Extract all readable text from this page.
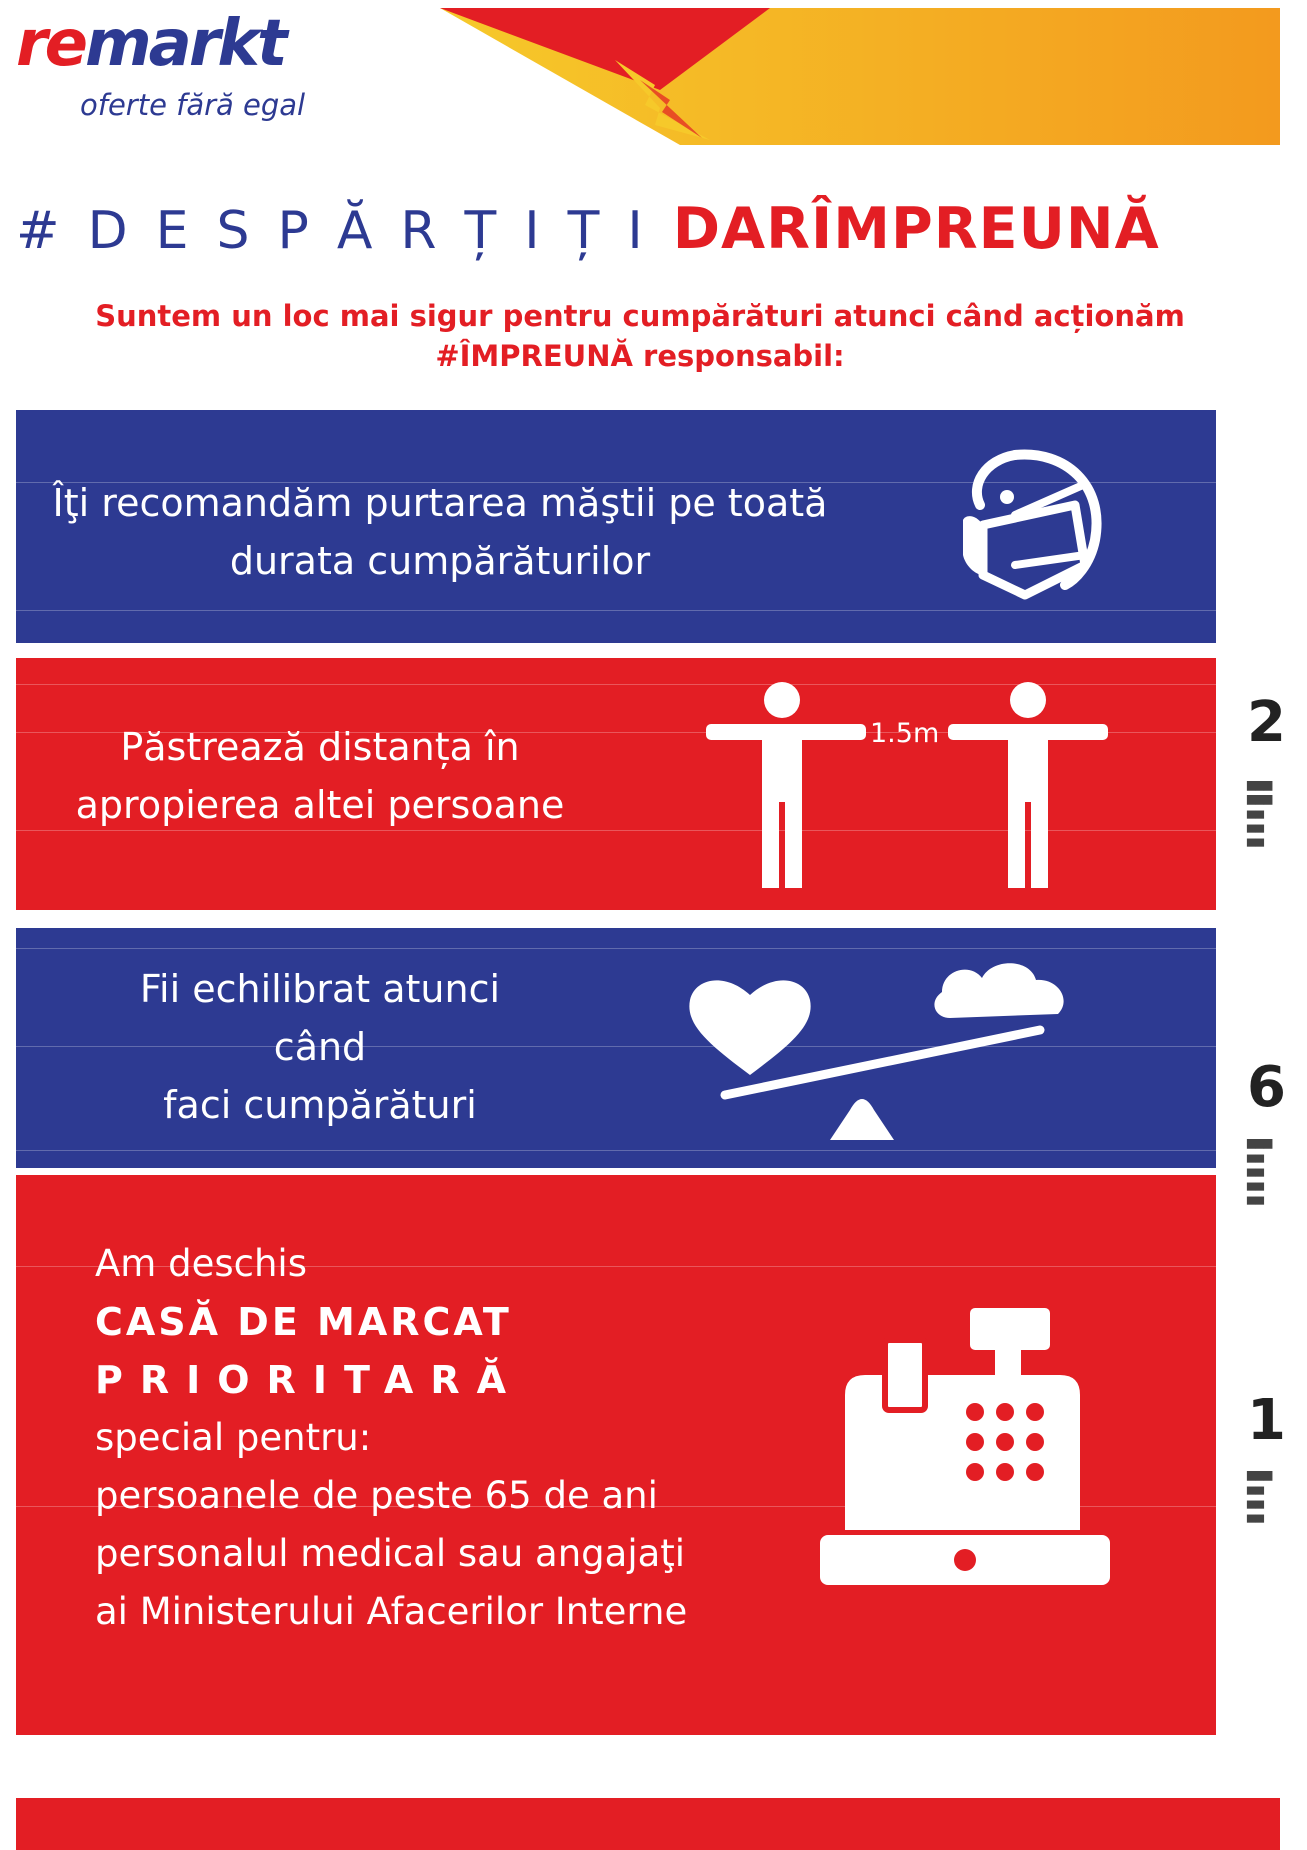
remarkt
oferte fără egal
#DESPĂRȚIȚIDARÎMPREUNĂ
Suntem un loc mai sigur pentru cumpărături atunci când acționăm
#ÎMPREUNĂ responsabil:
Îţi recomandăm purtarea măştii pe toată
durata cumpărăturilor
Păstrează distanța în
apropierea altei persoane
1.5m
Fii echilibrat atunci
când
faci cumpărături
Am deschis
CASĂ DE MARCAT
PRIORITARĂ
special pentru:
persoanele de peste 65 de ani
personalul medical sau angajaţi
ai Ministerului Afacerilor Interne
2
▆▆▆
▆▆▆
▅▅
▅▅
▅▅
6
▆▆▆
▅▅
▅▅
▅▅
▅▅
1
▆▆▆
▅▅
▅▅
▅▅
